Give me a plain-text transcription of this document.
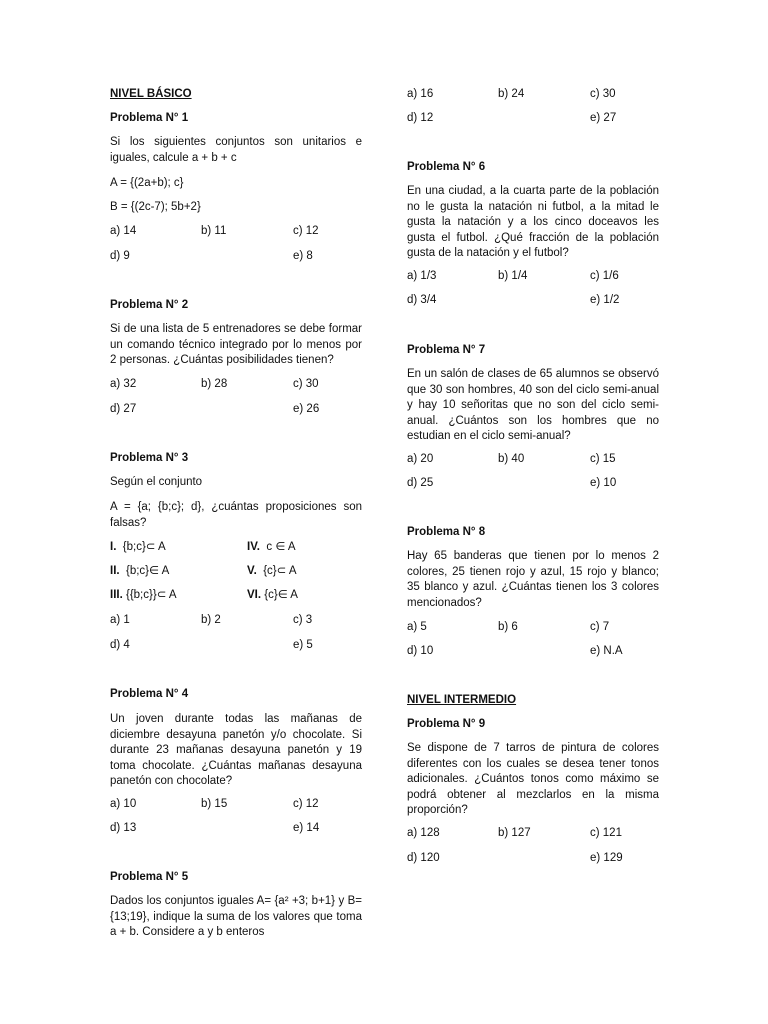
NIVEL BÁSICO
Problema N° 1
Si los siguientes conjuntos son unitarios e iguales, calcule a + b + c
A = {(2a+b); c}
B = {(2c-7); 5b+2}
a) 14	b) 11	c) 12
d) 9	e) 8
Problema N° 2
Si de una lista de 5 entrenadores se debe formar un comando técnico integrado por lo menos por 2 personas. ¿Cuántas posibilidades tienen?
a) 32	b) 28	c) 30
d) 27	e) 26
Problema N° 3
Según el conjunto
A = {a; {b;c}; d}, ¿cuántas proposiciones son falsas?
I. {b;c}⊂ A
II. {b;c}∈ A
III. {{b;c}}⊂ A
IV. c ∈ A
V. {c}⊂ A
VI. {c}∈ A
a) 1	b) 2	c) 3
d) 4	e) 5
Problema N° 4
Un joven durante todas las mañanas de diciembre desayuna panetón y/o chocolate. Si durante 23 mañanas desayuna panetón y 19 toma chocolate. ¿Cuántas mañanas desayuna panetón con chocolate?
a) 10	b) 15	c) 12
d) 13	e) 14
Problema N° 5
Dados los conjuntos iguales A= {a² +3; b+1} y B= {13;19}, indique la suma de los valores que toma a + b. Considere a y b enteros
a) 16	b) 24	c) 30
d) 12	e) 27
Problema N° 6
En una ciudad, a la cuarta parte de la población no le gusta la natación ni futbol, a la mitad le gusta la natación y a los cinco doceavos les gusta el futbol. ¿Qué fracción de la población gusta de la natación y el futbol?
a) 1/3	b) 1/4	c) 1/6
d) 3/4	e) 1/2
Problema N° 7
En un salón de clases de 65 alumnos se observó que 30 son hombres, 40 son del ciclo semi-anual y hay 10 señoritas que no son del ciclo semi-anual. ¿Cuántos son los hombres que no estudian en el ciclo semi-anual?
a) 20	b) 40	c) 15
d) 25	e) 10
Problema N° 8
Hay 65 banderas que tienen por lo menos 2 colores, 25 tienen rojo y azul, 15 rojo y blanco; 35 blanco y azul. ¿Cuántas tienen los 3 colores mencionados?
a) 5	b) 6	c) 7
d) 10	e) N.A
NIVEL INTERMEDIO
Problema N° 9
Se dispone de 7 tarros de pintura de colores diferentes con los cuales se desea tener tonos adicionales. ¿Cuántos tonos como máximo se podrá obtener al mezclarlos en la misma proporción?
a) 128	b) 127	c) 121
d) 120	e) 129
